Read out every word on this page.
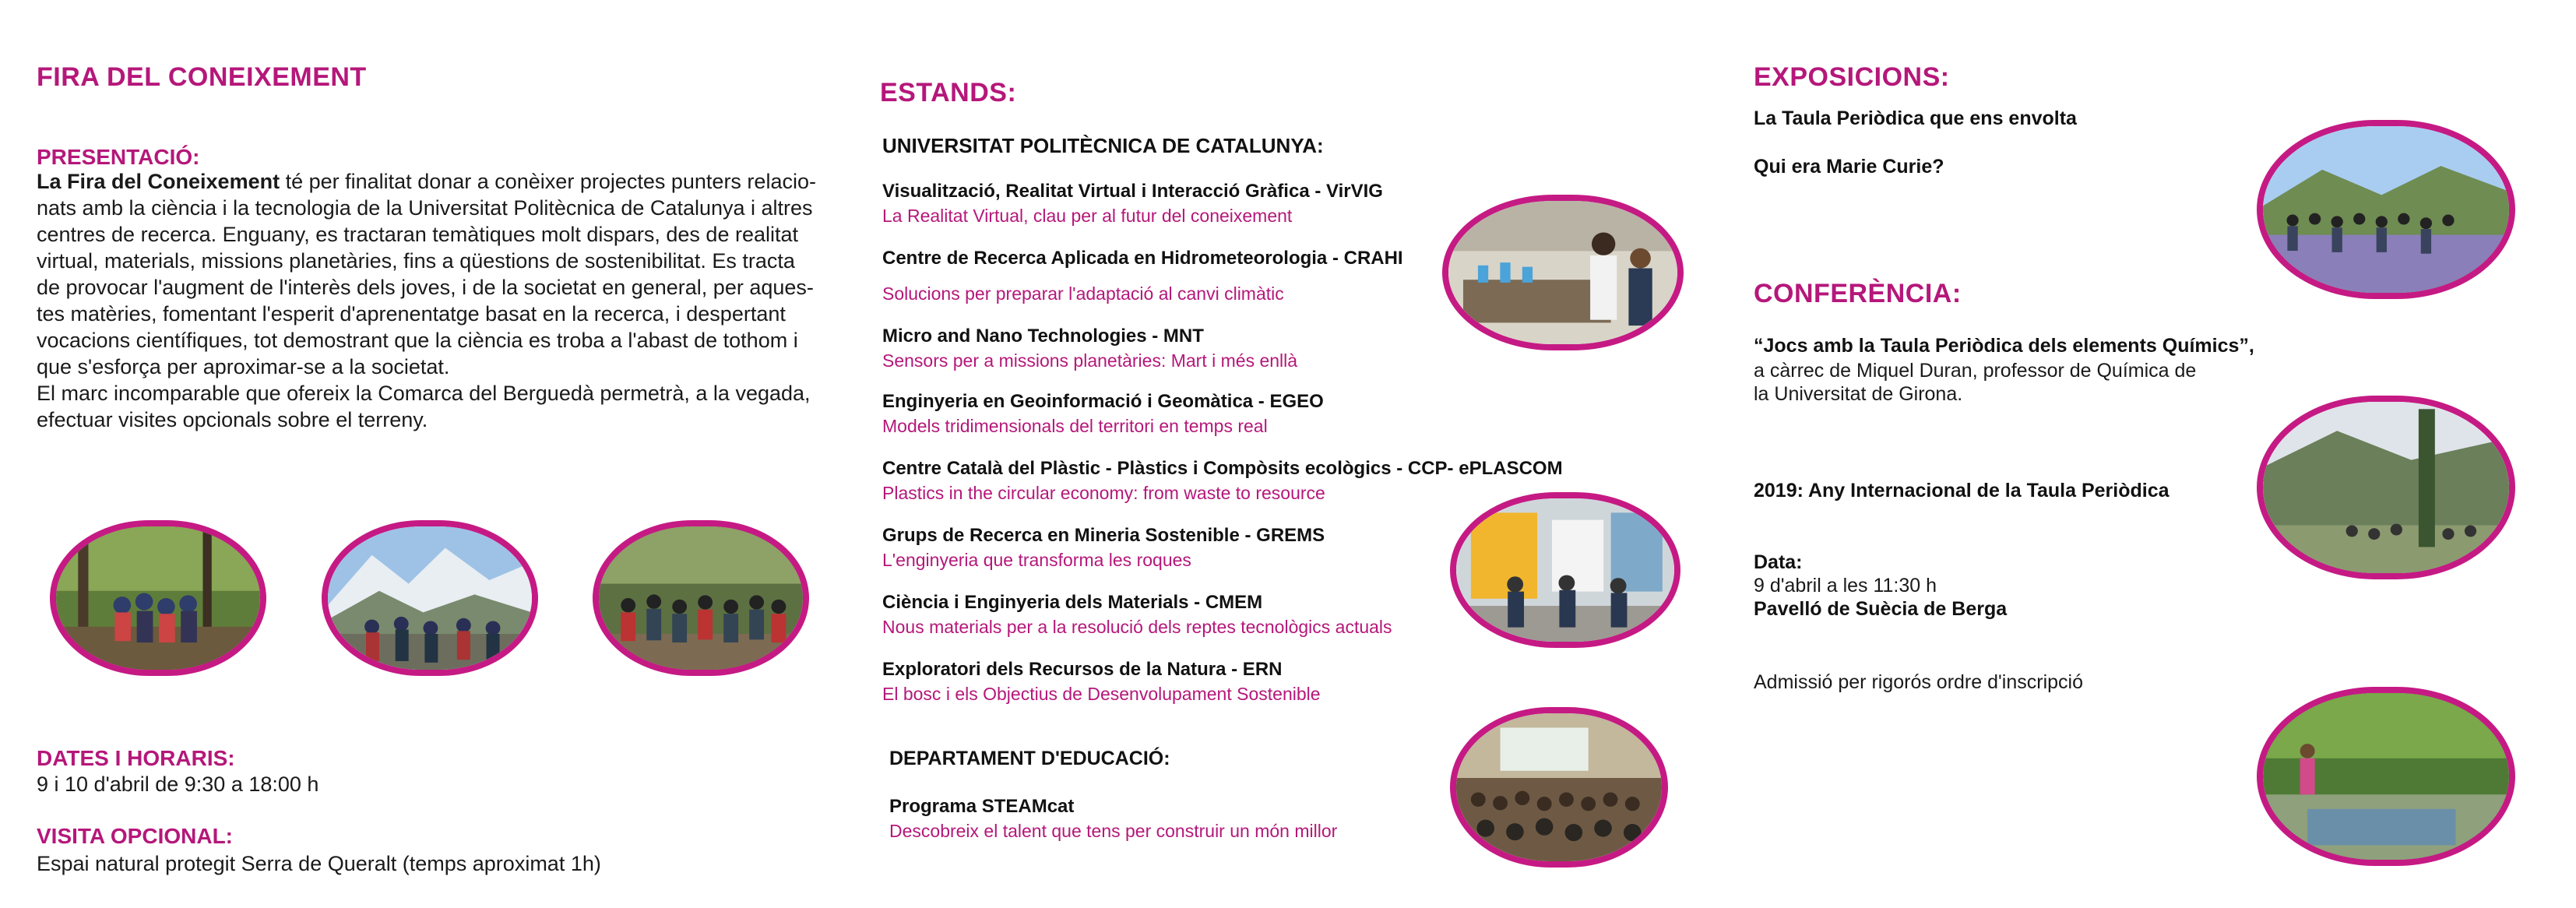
FIRA DEL CONEIXEMENT
PRESENTACIÓ:
La Fira del Coneixement té per finalitat donar a conèixer projectes punters relacio-
nats amb la ciència i la tecnologia de la Universitat Politècnica de Catalunya i altres
centres de recerca. Enguany, es tractaran temàtiques molt dispars, des de realitat
virtual, materials, missions planetàries, fins a qüestions de sostenibilitat. Es tracta
de provocar l'augment de l'interès dels joves, i de la societat en general, per aques-
tes matèries, fomentant l'esperit d'aprenentatge basat en la recerca, i despertant
vocacions científiques, tot demostrant que la ciència es troba a l'abast de tothom i
que s'esforça per aproximar-se a la societat.
El marc incomparable que ofereix la Comarca del Berguedà permetrà, a la vegada,
efectuar visites opcionals sobre el terreny.
DATES I HORARIS:
9 i 10 d'abril de 9:30 a 18:00 h
VISITA OPCIONAL:
Espai natural protegit Serra de Queralt (temps aproximat 1h)
ESTANDS:
UNIVERSITAT POLITÈCNICA DE CATALUNYA:
Visualització, Realitat Virtual i Interacció Gràfica - VirVIG
La Realitat Virtual, clau per al futur del coneixement
Centre de Recerca Aplicada en Hidrometeorologia - CRAHI
Solucions per preparar l'adaptació al canvi climàtic
Micro and Nano Technologies - MNT
Sensors per a missions planetàries: Mart i més enllà
Enginyeria en Geoinformació i Geomàtica - EGEO
Models tridimensionals del territori en temps real
Centre Català del Plàstic - Plàstics i Compòsits ecològics - CCP- ePLASCOM
Plastics in the circular economy: from waste to resource
Grups de Recerca en Mineria Sostenible - GREMS
L'enginyeria que transforma les roques
Ciència i Enginyeria dels Materials - CMEM
Nous materials per a la resolució dels reptes tecnològics actuals
Exploratori dels Recursos de la Natura - ERN
El bosc i els Objectius de Desenvolupament Sostenible
DEPARTAMENT D'EDUCACIÓ:
Programa STEAMcat
Descobreix el talent que tens per construir un món millor
EXPOSICIONS:
La Taula Periòdica que ens envolta
Qui era Marie Curie?
CONFERÈNCIA:
“Jocs amb la Taula Periòdica dels elements Químics”,
a càrrec de Miquel Duran, professor de Química de
la Universitat de Girona.
2019: Any Internacional de la Taula Periòdica
Data:
9 d'abril a les 11:30 h
Pavelló de Suècia de Berga
Admissió per rigorós ordre d'inscripció
